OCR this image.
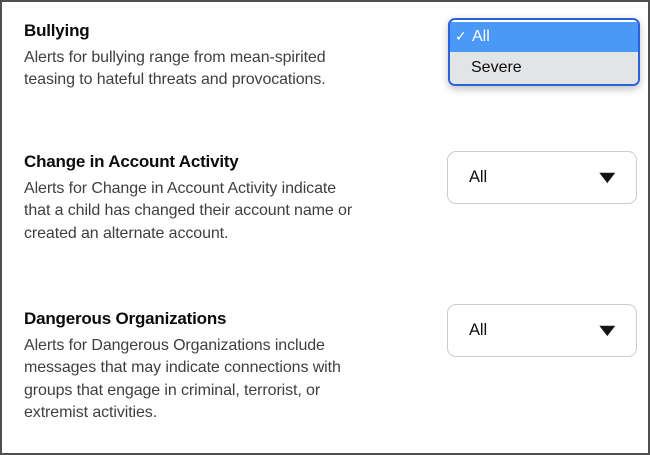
Bullying

Alerts for bullying range from mean-spirited
teasing to hateful threats and provocations.

✓ All
Severe
Change in Account Activity

Alerts for Change in Account Activity indicate
that a child has changed their account name or
created an alternate account.

All	▼
Dangerous Organizations

Alerts for Dangerous Organizations include
messages that may indicate connections with
groups that engage in criminal, terrorist, or
extremist activities.

All	▼
